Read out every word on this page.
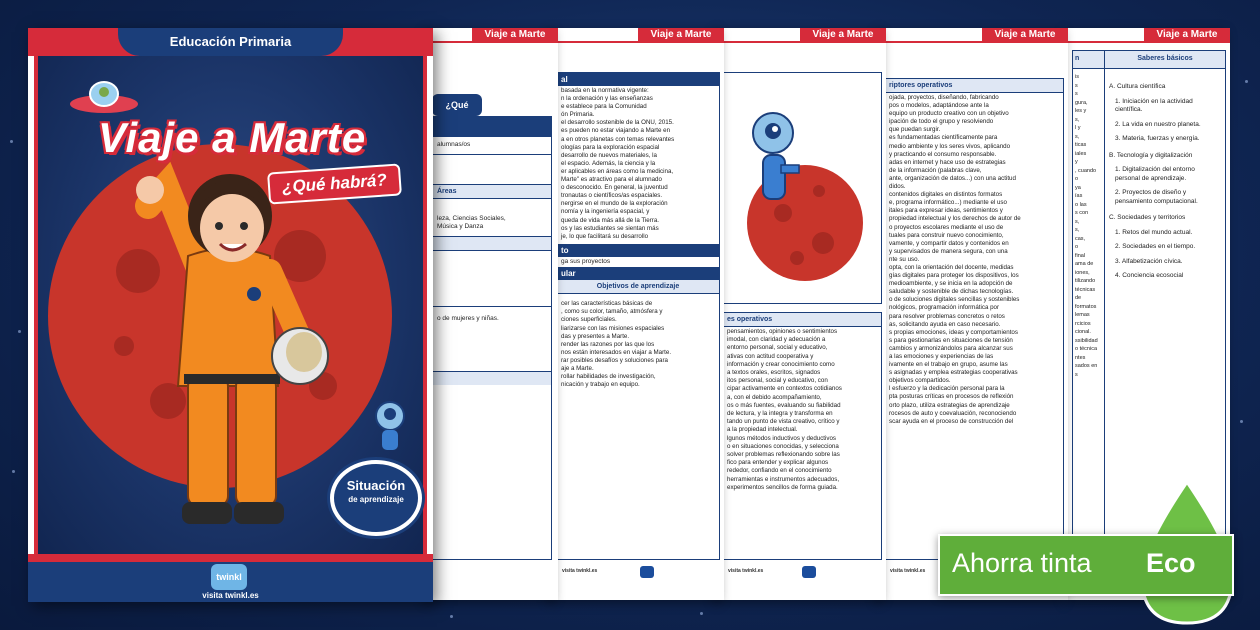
Viaje a Marte
n	Saberes básicos
is
s
s
gura,
les y
s,
l y
s,
ticas
iales
y
, cuando
o
ya
ías
o las
s con
s,
s,
cas,
o
final
ama de
iones,
tilizando
técnicas
de
formatos
lemas
rcicios
cional.
ssibilidad
o técnica
ntes
sados en
s
A. Cultura científica
1. Iniciación en la actividad científica.
2. La vida en nuestro planeta.
3. Materia, fuerzas y energía.
B. Tecnología y digitalización
1. Digitalización del entorno personal de aprendizaje.
2. Proyectos de diseño y pensamiento computacional.
C. Sociedades y territorios
1. Retos del mundo actual.
2. Sociedades en el tiempo.
3. Alfabetización cívica.
4. Conciencia ecosocial
Viaje a Marte
riptores operativos
ojada, proyectos, diseñando, fabricando
pos o modelos, adaptándose ante la
equipo un producto creativo con un objetivo
ipación de todo el grupo y resolviendo
que puedan surgir.
es fundamentadas científicamente para
medio ambiente y los seres vivos, aplicando
y practicando el consumo responsable.
adas en internet y hace uso de estrategias
de la información (palabras clave,
ante, organización de datos...) con una actitud
didos.
contenidos digitales en distintos formatos
e, programa informático...) mediante el uso
itales para expresar ideas, sentimientos y
propiedad intelectual y los derechos de autor de
o proyectos escolares mediante el uso de
tuales para construir nuevo conocimiento,
vamente, y compartir datos y contenidos en
y supervisados de manera segura, con una
nte su uso.
opta, con la orientación del docente, medidas
gías digitales para proteger los dispositivos, los
medioambiente, y se inicia en la adopción de
saludable y sostenible de dichas tecnologías.
o de soluciones digitales sencillas y sostenibles
nológicos, programación informática por
para resolver problemas concretos o retos
as, solicitando ayuda en caso necesario.
s propias emociones, ideas y comportamientos
s para gestionarlas en situaciones de tensión
cambios y armonizándolos para alcanzar sus
a las emociones y experiencias de las
ivamente en el trabajo en grupo, asume las
s asignadas y emplea estrategias cooperativas
objetivos compartidos.
l esfuerzo y la dedicación personal para la
pta posturas críticas en procesos de reflexión
orto plazo, utiliza estrategias de aprendizaje
rocesos de auto y coevaluación, reconociendo
scar ayuda en el proceso de construcción del
visita twinkl.es
Viaje a Marte
es operativos
pensamientos, opiniones o sentimientos
imodal, con claridad y adecuación a
entorno personal, social y educativo,
ativas con actitud cooperativa y
información y crear conocimiento como
a textos orales, escritos, signados
itos personal, social y educativo, con
cipar activamente en contextos cotidianos
a, con el debido acompañamiento,
os o más fuentes, evaluando su fiabilidad
de lectura, y la integra y transforma en
tando un punto de vista creativo, crítico y
a la propiedad intelectual.
lgunos métodos inductivos y deductivos
o en situaciones conocidas, y selecciona
solver problemas reflexionando sobre las
fico para entender y explicar algunos
rededor, confiando en el conocimiento
herramientas e instrumentos adecuados,
experimentos sencillos de forma guiada.
visita twinkl.es
Viaje a Marte
al
basada en la normativa vigente:
n la ordenación y las enseñanzas
e establece para la Comunidad
ón Primaria.
el desarrollo sostenible de la ONU, 2015.
es pueden no estar viajando a Marte en
a en otros planetas con temas relevantes
ologías para la exploración espacial
desarrollo de nuevos materiales, la
el espacio. Además, la ciencia y la
er aplicables en áreas como la medicina,
Marte" es atractivo para el alumnado
o desconocido. En general, la juventud
tronautas o científicos/as espaciales.
nergirse en el mundo de la exploración
nomía y la ingeniería espacial, y
queda de vida más allá de la Tierra.
os y las estudiantes se sientan más
je, lo que facilitará su desarrollo
to
ga sus proyectos
ular
Objetivos de aprendizaje
cer las características básicas de
, como su color, tamaño, atmósfera y
ciones superficiales.
liarizarse con las misiones espaciales
das y presentes a Marte.
render las razones por las que los
nos están interesados en viajar a Marte.
rar posibles desafíos y soluciones para
aje a Marte.
rollar habilidades de investigación,
nicación y trabajo en equipo.
visita twinkl.es
Viaje a Marte
¿Qué
alumnas/os
Áreas
leza, Ciencias Sociales,
Música y Danza
o de mujeres y niñas.
Educación Primaria
Viaje a Marte
¿Qué habrá?
Situación
de aprendizaje
twinkl
visita twinkl.es
Ahorra tinta Eco
